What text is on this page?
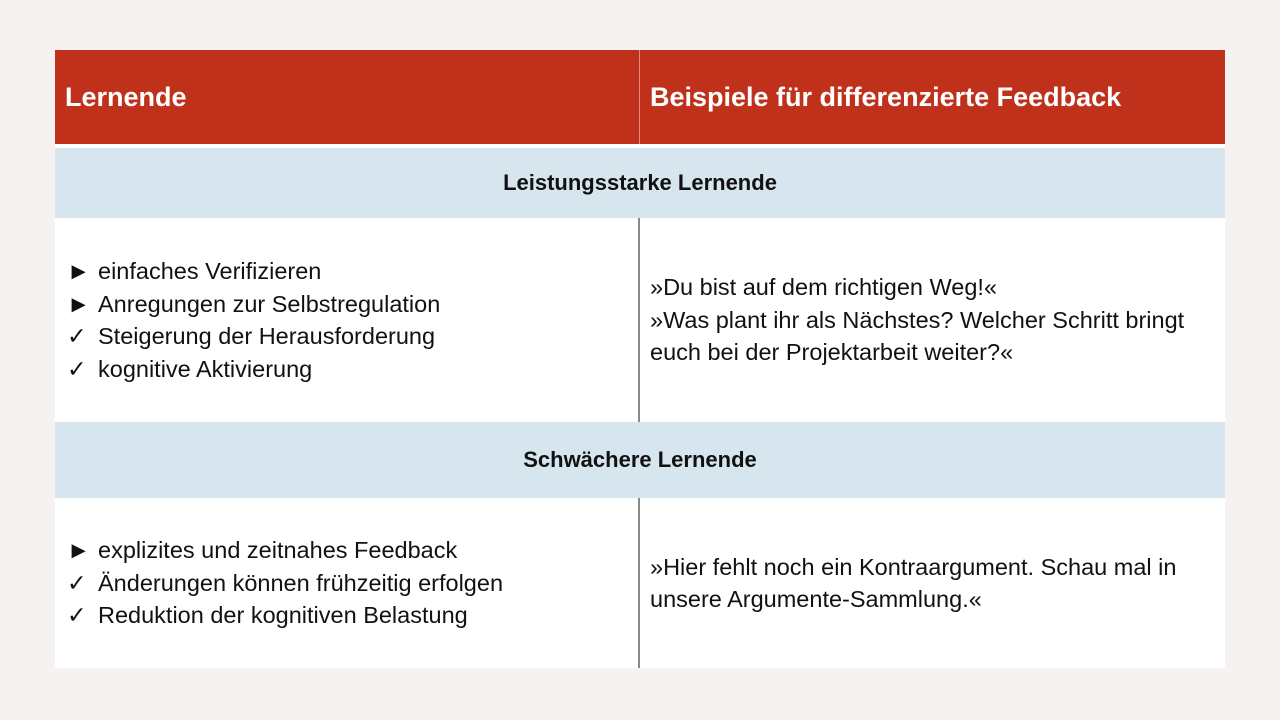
Lernende	Beispiele für differenzierte Feedback
Leistungsstarke Lernende
► einfaches Verifizieren
► Anregungen zur Selbstregulation
✓ Steigerung der Herausforderung
✓ kognitive Aktivierung
»Du bist auf dem richtigen Weg!«
»Was plant ihr als Nächstes? Welcher Schritt bringt euch bei der Projektarbeit weiter?«
Schwächere Lernende
► explizites und zeitnahes Feedback
✓ Änderungen können frühzeitig erfolgen
✓ Reduktion der kognitiven Belastung
»Hier fehlt noch ein Kontraargument. Schau mal in unsere Argumente-Sammlung.«
